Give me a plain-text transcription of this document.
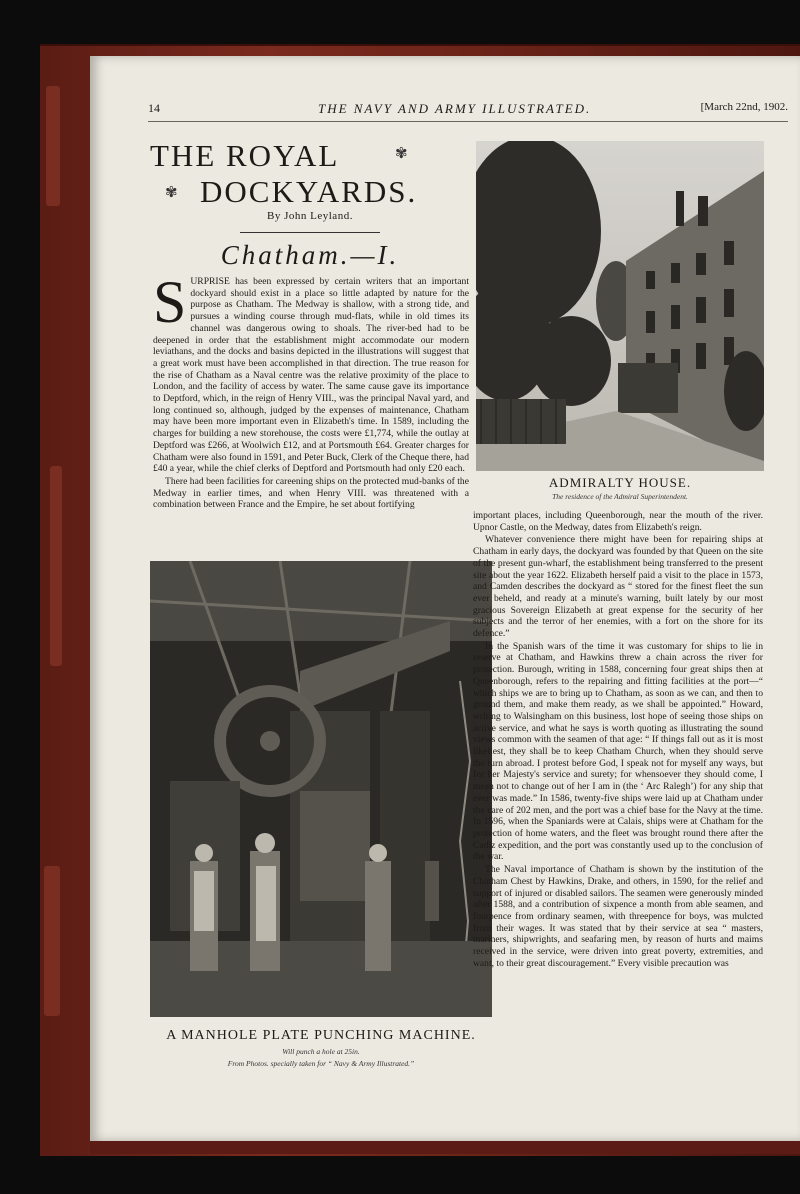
14	THE NAVY AND ARMY ILLUSTRATED.	[March 22nd, 1902.
THE ROYAL	✾
✾ DOCKYARDS.
By John Leyland.
Chatham.—I.

SURPRISE has been expressed by certain writers that an important dockyard should exist in a place so little adapted by nature for the purpose as Chatham. The Medway is shallow, with a strong tide, and pursues a winding course through mud-flats, while in old times its channel was dangerous owing to shoals. The river-bed had to be deepened in order that the establishment might accommodate our modern leviathans, and the docks and basins depicted in the illustrations will suggest that a great work must have been accomplished in that direction. The true reason for the rise of Chatham as a Naval centre was the relative proximity of the place to London, and the facility of access by water. The same cause gave its importance to Deptford, which, in the reign of Henry VIII., was the principal Naval yard, and long continued so, although, judged by the expenses of maintenance, Chatham may have been more important even in Elizabeth's time. In 1589, including the charges for building a new storehouse, the costs were £1,774, while the outlay at Deptford was £266, at Woolwich £12, and at Portsmouth £64. Greater charges for Chatham were also found in 1591, and Peter Buck, Clerk of the Cheque there, had £40 a year, while the chief clerks of Deptford and Portsmouth had only £20 each.

There had been facilities for careening ships on the protected mud-banks of the Medway in earlier times, and when Henry VIII. was threatened with a combination between France and the Empire, he set about fortifying

ADMIRALTY HOUSE.
The residence of the Admiral Superintendent.
A MANHOLE PLATE PUNCHING MACHINE.
Will punch a hole at 25in.
From Photos. specially taken for “ Navy & Army Illustrated.”

important places, including Queenborough, near the mouth of the river. Upnor Castle, on the Medway, dates from Elizabeth's reign.

Whatever convenience there might have been for repairing ships at Chatham in early days, the dockyard was founded by that Queen on the site of the present gun-wharf, the establishment being transferred to the present site about the year 1622. Elizabeth herself paid a visit to the place in 1573, and Camden describes the dockyard as “ stored for the finest fleet the sun ever beheld, and ready at a minute's warning, built lately by our most gracious Sovereign Elizabeth at great expense for the security of her subjects and the terror of her enemies, with a fort on the shore for its defence.”

In the Spanish wars of the time it was customary for ships to lie in reserve at Chatham, and Hawkins threw a chain across the river for protection. Burough, writing in 1588, concerning four great ships then at Queenborough, refers to the repairing and fitting facilities at the port—“ which ships we are to bring up to Chatham, as soon as we can, and then to ground them, and make them ready, as we shall be appointed.” Howard, writing to Walsingham on this business, lost hope of seeing those ships on active service, and what he says is worth quoting as illustrating the sound views common with the seamen of that age: “ If things fall out as it is most likeliest, they shall be to keep Chatham Church, when they should serve the turn abroad. I protest before God, I speak not for myself any ways, but for her Majesty's service and surety; for whensoever they should come, I mean not to change out of her I am in (the ‘ Arc Ralegh’) for any ship that ever was made.” In 1586, twenty-five ships were laid up at Chatham under the care of 202 men, and the port was a chief base for the Navy at the time. In 1596, when the Spaniards were at Calais, ships were at Chatham for the protection of home waters, and the fleet was brought round there after the Cadiz expedition, and the port was constantly used up to the conclusion of the war.

The Naval importance of Chatham is shown by the institution of the Chatham Chest by Hawkins, Drake, and others, in 1590, for the relief and support of injured or disabled sailors. The seamen were generously minded after 1588, and a contribution of sixpence a month from able seamen, and fourpence from ordinary seamen, with threepence for boys, was mulcted from their wages. It was stated that by their service at sea “ masters, mariners, shipwrights, and seafaring men, by reason of hurts and maims received in the service, were driven into great poverty, extremities, and want, to their great discouragement.” Every visible precaution was
